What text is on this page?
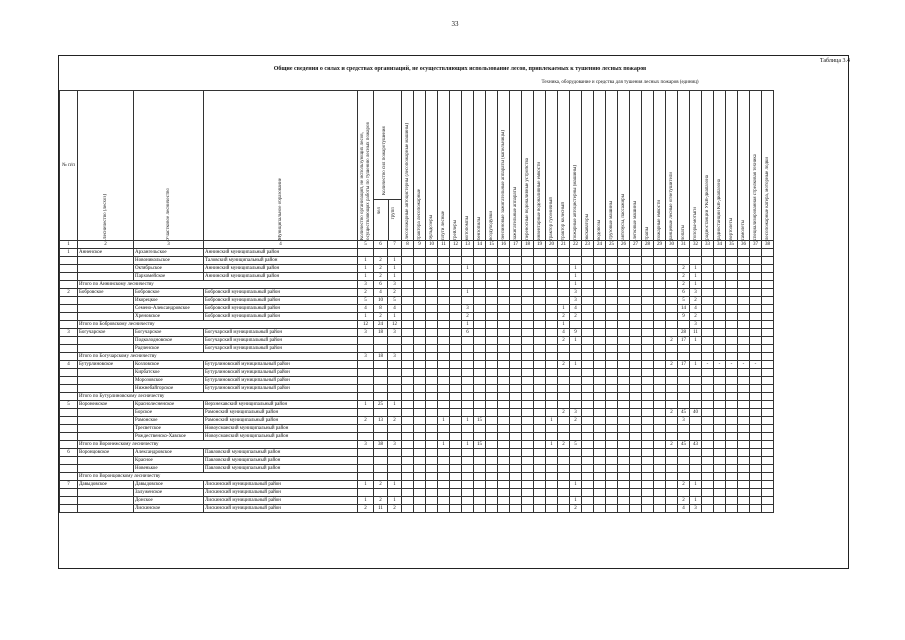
33
Таблица 3.4
Общие сведения о силах и средствах организаций, не осуществляющих использование лесов, привлекаемых к тушению лесных пожаров
Техника, оборудование и средства для тушения лесных пожаров (единиц)
№ п/п	Лесничество (лесхоз)	Участковое лесничество	Муниципальное образование	Количество организаций, не использующих лесов, осуществляющих работы по тушению лесных пожаров	Количество сил пожаротушения
чел групп		лесопожарные автоцистерны (лесопожарные машины)	трактора лесопожарные	бульдозеры	плуги лесные	трейлеры	мотопомпы	бензопилы	воздуходувки	бензиновые зажигательные аппараты (капельницы)	зажигательные аппараты	переносные водоналивные устройства	инвентарные водоналивные емкости	трактор гусеничный	трактор колесный	пожарные автоцистерны (машины)	экскаваторы	водовозы	грузовые машины	автобусы, пассажиры	легковые машины	трапы	пожарные емкости	ранцевые лесные огнетушители	лопаты	топоры-мотыги	радиостанции УКВ-диапазона	радиостанции КВ-диапазона	вертолеты	самолеты	специализированная стрелковая техника	лесопожарные катера, моторные лодки

1	2	3	4	5	6	7	8	9	10	11	12	13	14	15	16	17	18	19	20	21	22	23	24	25	26	27	28	29	30	31	32	33	34	35	36	37	38
1	Анненское	Архангельское	Аннинский муниципальный район																																		
		Новоникольское	Таловский муниципальный район	1	2	1																															
		Октябрьское	Аннинский муниципальный район	1	2	1						1									1									2	1						
		Пархомейское	Аннинский муниципальный район	1	2	1															1									2	1						
	Итого по Аннинскому лесничеству			3	6	3															1									2	1						
2	Бобровское	Бобровское	Бобровский муниципальный район	2	4	2						1									3									6	3						
		Икорецкое	Бобровский муниципальный район	5	10	5															3									5	2						
		Семено-Александровское	Бобровский муниципальный район	4	8	4						3								1	4									14	4						
		Хреновское	Бобровский муниципальный район	1	2	1						2								2	2									9	2						
	Итого по Бобровскому лесничеству			12	24	12						1								1											3						
3	Богучарское	Богучарское	Богучарский муниципальный район	3	18	3						6								4	9									28	11						
		Подколодновское	Богучарский муниципальный район																	2	1								2	17	1						
		Радченское	Богучарский муниципальный район																																		
	Итого по Богучарскому лесничеству			3	18	3																															
4	Бутурлиновское	Козловское	Бутурлиновский муниципальный район																	2	1								2	17	1	-	-	-	-	-	
		Кирбатское	Бутурлиновский муниципальный район																																		
		Морозовское	Бутурлиновский муниципальный район																																		
		Нижнебайгорское	Бутурлиновский муниципальный район																																		
	Итого по Бутурлиновскому лесничеству																																				
5	Воронежское	Краснолесненское	Верхнехавский муниципальный район	1	25	1																															
		Борское	Рамонский муниципальный район																	2	3								2	45	40						
		Рамонское	Рамонский муниципальный район	2	13	2				1		1	15						1		2									3							
		Тресветское	Новоусманский муниципальный район																																		
		Рождественско-Хавское	Новоусманский муниципальный район																																		
	Итого по Воронежскому лесничеству			3	38	3				1		1	15						1	2	5								2	45	43						
6	Воронцовское	Александровское	Павловский муниципальный район																																		
		Красное	Павловский муниципальный район																																		
		Новенькое	Павловский муниципальный район																																		
	Итого по Воронцовскому лесничеству																																				
7	Давыдовское	Давыдовское	Лискинский муниципальный район	1	2	1															1									2	1						
		Залуженское	Лискинский муниципальный район																																		
		Донское	Лискинский муниципальный район	1	2	1															1									2	1						
		Лискинское	Лискинский муниципальный район	2	11	2															2									4	3						
